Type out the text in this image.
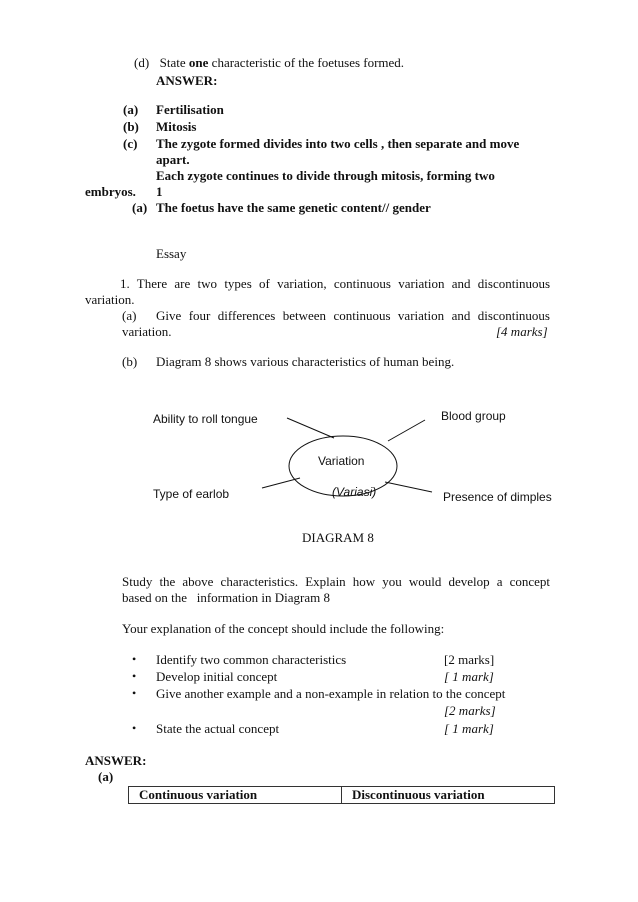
(d) State one characteristic of the foetuses formed.
ANSWER:
(a) Fertilisation
(b) Mitosis
(c) The zygote formed divides into two cells , then separate and move
apart.
Each zygote continues to divide through mitosis, forming two
embryos. 1
(a) The foetus have the same genetic content// gender
Essay
1. There are two types of variation, continuous variation and discontinuous
variation.
(a) Give four differences between continuous variation and discontinuous
variation.	[4 marks]
(b) Diagram 8 shows various characteristics of human being.
Ability to roll tongue	Blood group
Variation
Type of earlob	(Variasi)	Presence of dimples
DIAGRAM 8
Study the above characteristics. Explain how you would develop a concept
based on the   information in Diagram 8
Your explanation of the concept should include the following:
• Identify two common characteristics	[2 marks]
• Develop initial concept	[ 1 mark]
• Give another example and a non-example in relation to the concept
[2 marks]
• State the actual concept	[ 1 mark]
ANSWER:
(a)
Continuous variation	Discontinuous variation
